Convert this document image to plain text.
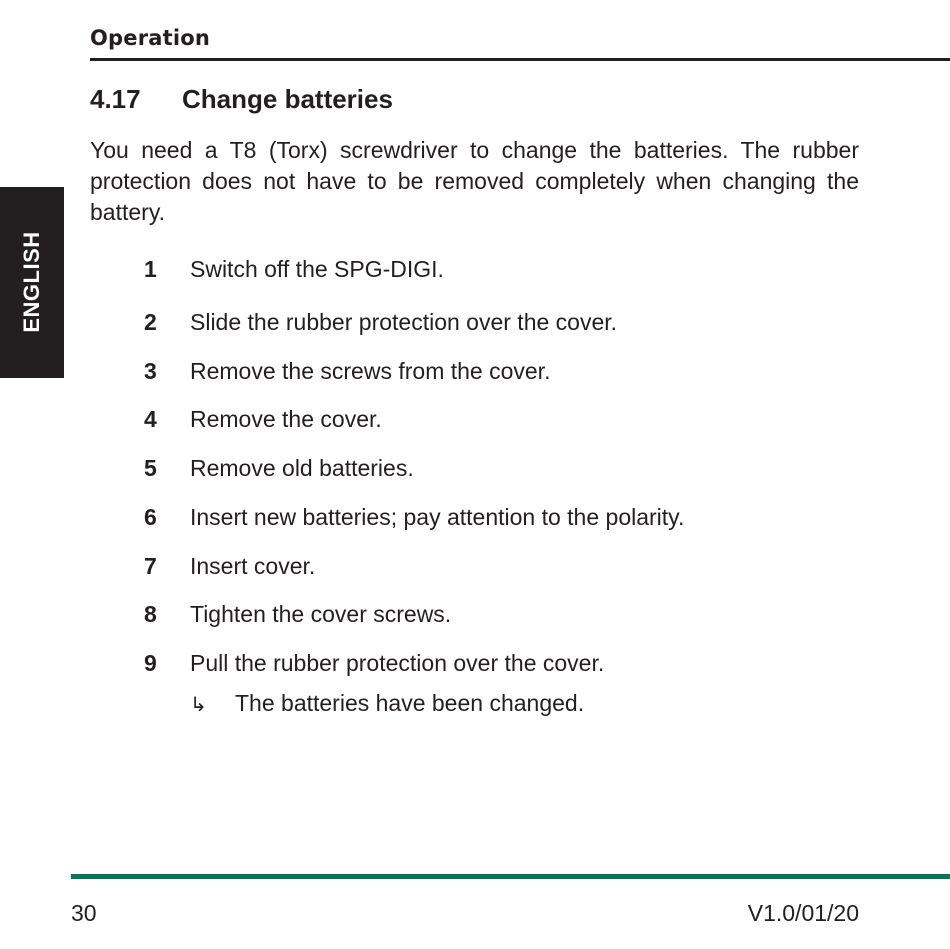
Operation
ENGLISH
4.17 Change batteries

You need a T8 (Torx) screwdriver to change the batteries. The rubber protection does not have to be removed completely when changing the battery.

1 Switch off the SPG-DIGI.
2 Slide the rubber protection over the cover.
3 Remove the screws from the cover.
4 Remove the cover.
5 Remove old batteries.
6 Insert new batteries; pay attention to the polarity.
7 Insert cover.
8 Tighten the cover screws.
9 Pull the rubber protection over the cover.
↳ The batteries have been changed.
30	V1.0/01/20
